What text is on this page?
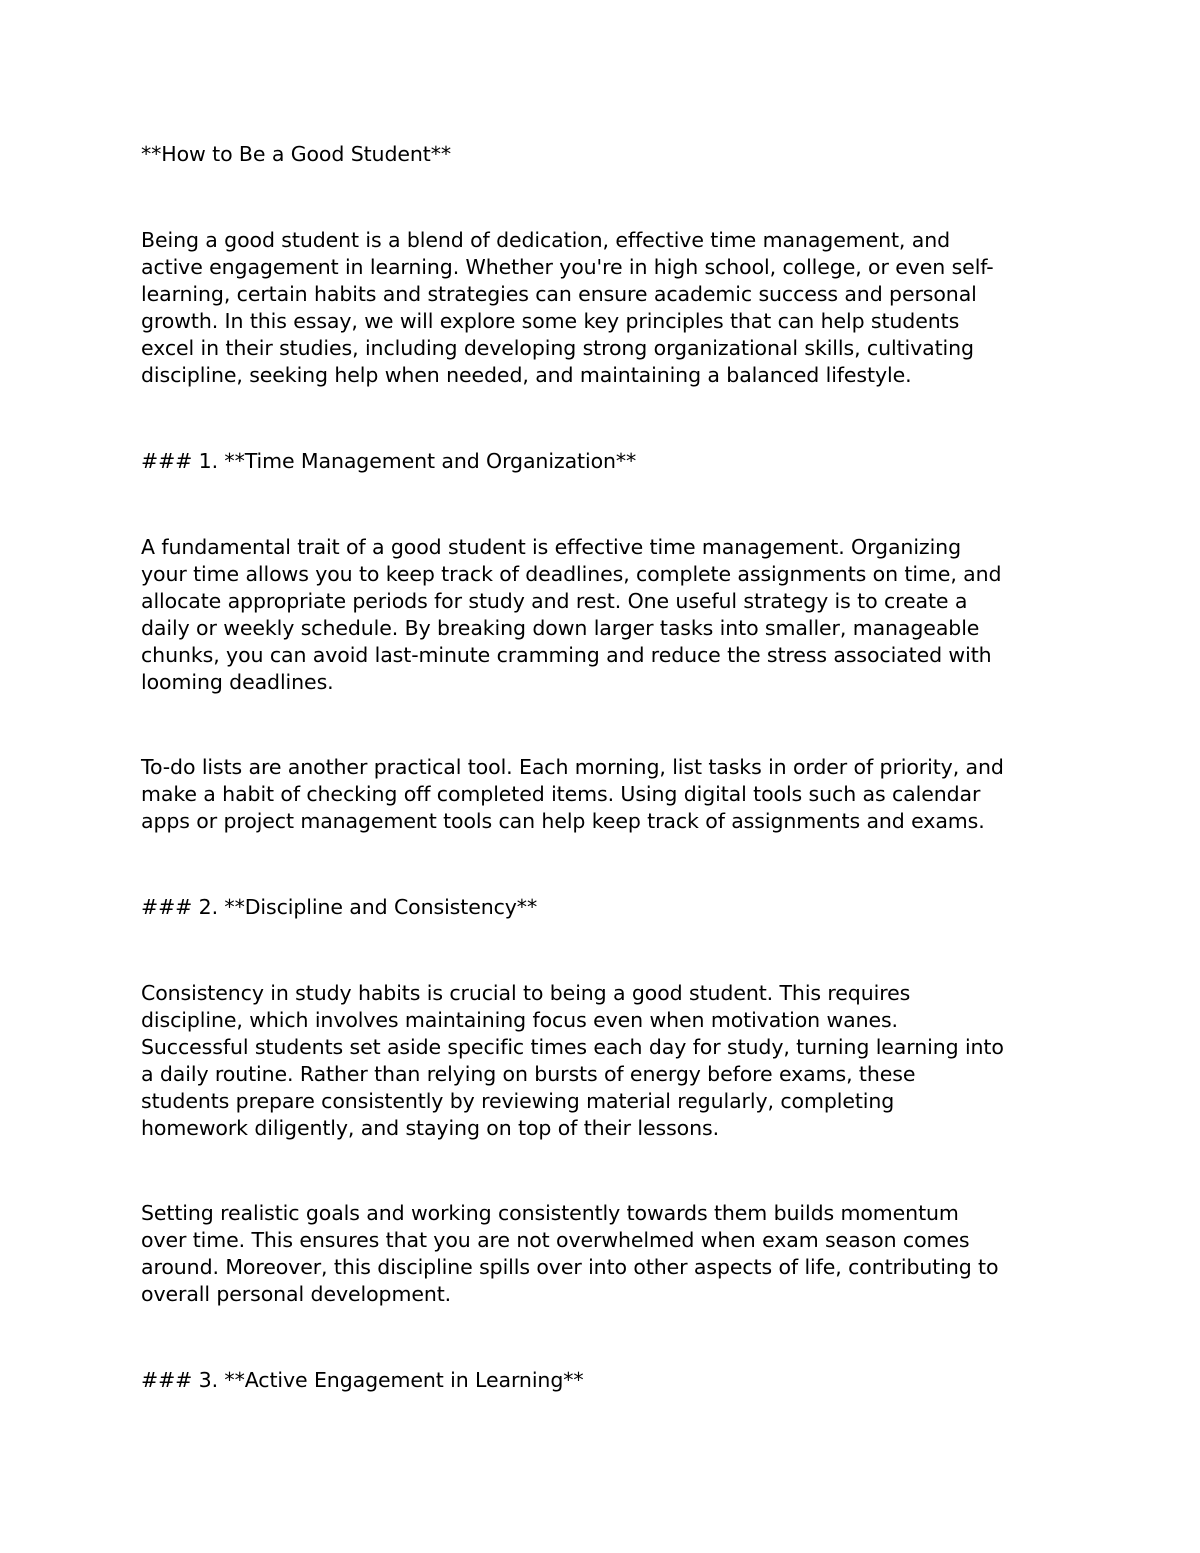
**How to Be a Good Student**
Being a good student is a blend of dedication, effective time management, and
active engagement in learning. Whether you're in high school, college, or even self-
learning, certain habits and strategies can ensure academic success and personal
growth. In this essay, we will explore some key principles that can help students
excel in their studies, including developing strong organizational skills, cultivating
discipline, seeking help when needed, and maintaining a balanced lifestyle.
### 1. **Time Management and Organization**
A fundamental trait of a good student is effective time management. Organizing
your time allows you to keep track of deadlines, complete assignments on time, and
allocate appropriate periods for study and rest. One useful strategy is to create a
daily or weekly schedule. By breaking down larger tasks into smaller, manageable
chunks, you can avoid last-minute cramming and reduce the stress associated with
looming deadlines.
To-do lists are another practical tool. Each morning, list tasks in order of priority, and
make a habit of checking off completed items. Using digital tools such as calendar
apps or project management tools can help keep track of assignments and exams.
### 2. **Discipline and Consistency**
Consistency in study habits is crucial to being a good student. This requires
discipline, which involves maintaining focus even when motivation wanes.
Successful students set aside specific times each day for study, turning learning into
a daily routine. Rather than relying on bursts of energy before exams, these
students prepare consistently by reviewing material regularly, completing
homework diligently, and staying on top of their lessons.
Setting realistic goals and working consistently towards them builds momentum
over time. This ensures that you are not overwhelmed when exam season comes
around. Moreover, this discipline spills over into other aspects of life, contributing to
overall personal development.
### 3. **Active Engagement in Learning**
